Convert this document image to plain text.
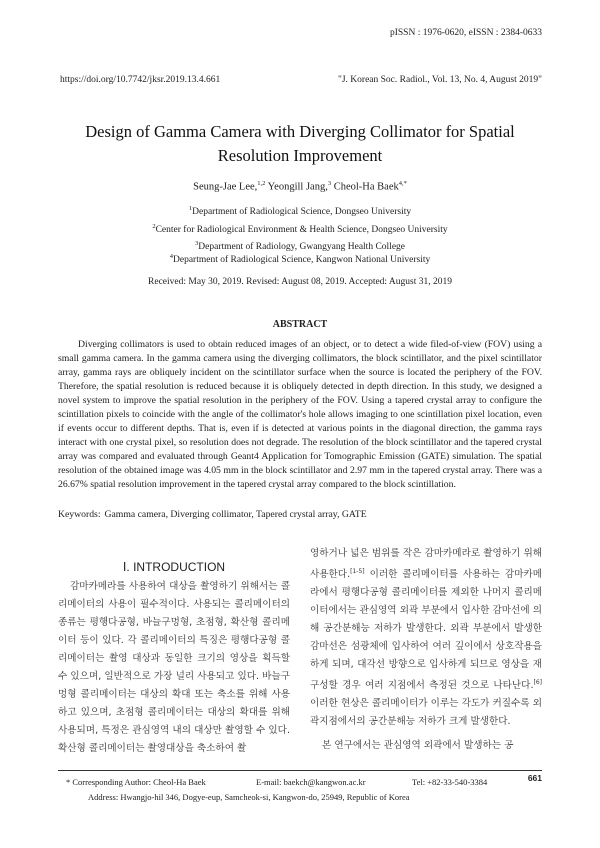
pISSN : 1976-0620, eISSN : 2384-0633
https://doi.org/10.7742/jksr.2019.13.4.661	"J. Korean Soc. Radiol., Vol. 13, No. 4, August 2019"
Design of Gamma Camera with Diverging Collimator for Spatial
Resolution Improvement
Seung-Jae Lee,$^{1,2}$ Yeongill Jang,$^3$ Cheol-Ha Baek$^{4,*}$
$^1$Department of Radiological Science, Dongseo University
$^2$Center for Radiological Environment & Health Science, Dongseo University
$^3$Department of Radiology, Gwangyang Health College
$^4$Department of Radiological Science, Kangwon National University
Received: May 30, 2019. Revised: August 08, 2019. Accepted: August 31, 2019
ABSTRACT

Diverging collimators is used to obtain reduced images of an object, or to detect a wide filed-of-view (FOV) using a small gamma camera. In the gamma camera using the diverging collimators, the block scintillator, and the pixel scintillator array, gamma rays are obliquely incident on the scintillator surface when the source is located the periphery of the FOV. Therefore, the spatial resolution is reduced because it is obliquely detected in depth direction. In this study, we designed a novel system to improve the spatial resolution in the periphery of the FOV. Using a tapered crystal array to configure the scintillation pixels to coincide with the angle of the collimator's hole allows imaging to one scintillation pixel location, even if events occur to different depths. That is, even if is detected at various points in the diagonal direction, the gamma rays interact with one crystal pixel, so resolution does not degrade. The resolution of the block scintillator and the tapered crystal array was compared and evaluated through Geant4 Application for Tomographic Emission (GATE) simulation. The spatial resolution of the obtained image was 4.05 mm in the block scintillator and 2.97 mm in the tapered crystal array. There was a 26.67% spatial resolution improvement in the tapered crystal array compared to the block scintillation.

Keywords: Gamma camera, Diverging collimator, Tapered crystal array, GATE
Ⅰ. INTRODUCTION

감마카메라를 사용하여 대상을 촬영하기 위해서는 콜리메이터의 사용이 필수적이다. 사용되는 콜리메이터의 종류는 평행다공형, 바늘구멍형, 초점형, 확산형 콜리메이터 등이 있다. 각 콜리메이터의 특징은 평행다공형 콜리메이터는 촬영 대상과 동일한 크기의 영상을 획득할 수 있으며, 일반적으로 가장 널리 사용되고 있다. 바늘구멍형 콜리메이터는 대상의 확대 또는 축소를 위해 사용하고 있으며, 초점형 콜리메이터는 대상의 확대를 위해 사용되며, 특정은 관심영역 내의 대상만 촬영할 수 있다. 확산형 콜리메이터는 촬영대상을 축소하여 촬

영하거나 넓은 범위를 작은 감마카메라로 촬영하기 위해 사용한다.[1-5] 이러한 콜리메이터를 사용하는 감마카메라에서 평행다공형 콜리메이터를 제외한 나머지 콜리메이터에서는 관심영역 외곽 부분에서 입사한 감마선에 의해 공간분해능 저하가 발생한다. 외곽 부분에서 발생한 감마선은 섬광체에 입사하여 여러 깊이에서 상호작용을 하게 되며, 대각선 방향으로 입사하게 되므로 영상을 재구성할 경우 여러 지점에서 측정된 것으로 나타난다.[6] 이러한 현상은 콜리메이터가 이루는 각도가 커질수록 외곽지점에서의 공간분해능 저하가 크게 발생한다.

본 연구에서는 관심영역 외곽에서 발생하는 공

* Corresponding Author: Cheol-Ha Baek	E-mail: baekch@kangwon.ac.kr	Tel: +82-33-540-3384
Address: Hwangjo-hil 346, Dogye-eup, Samcheok-si, Kangwon-do, 25949, Republic of Korea
661
